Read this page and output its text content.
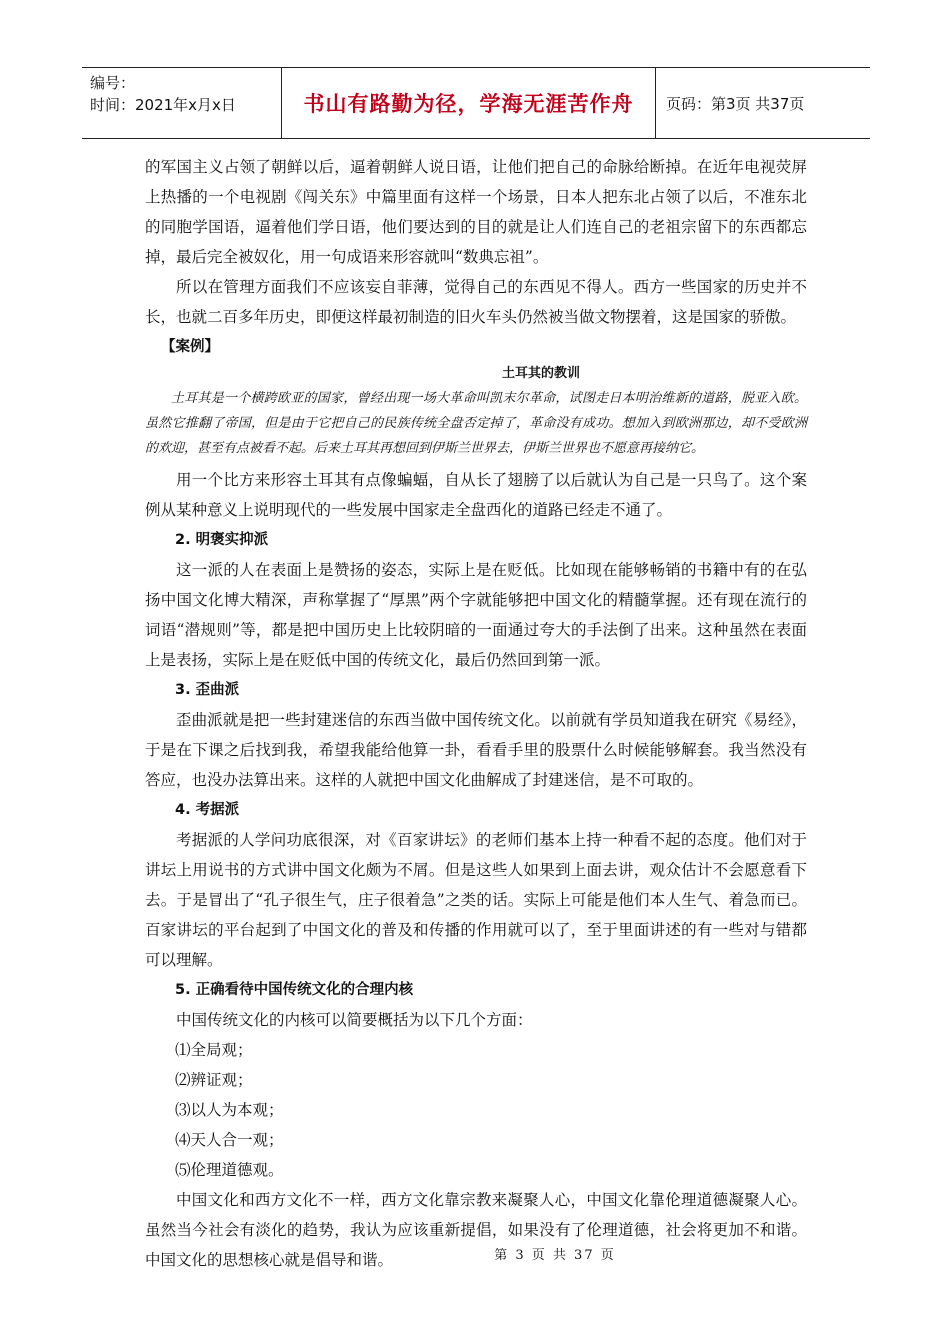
编号：
时间：2021年x月x日	书山有路勤为径，学海无涯苦作舟 页码：第3页 共37页

的军国主义占领了朝鲜以后，逼着朝鲜人说日语，让他们把自己的命脉给断掉。在近年电视荧屏上热播的一个电视剧《闯关东》中篇里面有这样一个场景，日本人把东北占领了以后，不准东北的同胞学国语，逼着他们学日语，他们要达到的目的就是让人们连自己的老祖宗留下的东西都忘掉，最后完全被奴化，用一句成语来形容就叫“数典忘祖”。

所以在管理方面我们不应该妄自菲薄，觉得自己的东西见不得人。西方一些国家的历史并不长，也就二百多年历史，即便这样最初制造的旧火车头仍然被当做文物摆着，这是国家的骄傲。

【案例】

土耳其的教训

土耳其是一个横跨欧亚的国家，曾经出现一场大革命叫凯末尔革命，试图走日本明治维新的道路，脱亚入欧。虽然它推翻了帝国，但是由于它把自己的民族传统全盘否定掉了，革命没有成功。想加入到欧洲那边，却不受欧洲的欢迎，甚至有点被看不起。后来土耳其再想回到伊斯兰世界去，伊斯兰世界也不愿意再接纳它。

用一个比方来形容土耳其有点像蝙蝠，自从长了翅膀了以后就认为自己是一只鸟了。这个案例从某种意义上说明现代的一些发展中国家走全盘西化的道路已经走不通了。

2. 明褒实抑派

这一派的人在表面上是赞扬的姿态，实际上是在贬低。比如现在能够畅销的书籍中有的在弘扬中国文化博大精深，声称掌握了“厚黑”两个字就能够把中国文化的精髓掌握。还有现在流行的词语“潜规则”等，都是把中国历史上比较阴暗的一面通过夸大的手法倒了出来。这种虽然在表面上是表扬，实际上是在贬低中国的传统文化，最后仍然回到第一派。

3. 歪曲派

歪曲派就是把一些封建迷信的东西当做中国传统文化。以前就有学员知道我在研究《易经》，于是在下课之后找到我，希望我能给他算一卦，看看手里的股票什么时候能够解套。我当然没有答应，也没办法算出来。这样的人就把中国文化曲解成了封建迷信，是不可取的。

4. 考据派

考据派的人学问功底很深，对《百家讲坛》的老师们基本上持一种看不起的态度。他们对于讲坛上用说书的方式讲中国文化颇为不屑。但是这些人如果到上面去讲，观众估计不会愿意看下去。于是冒出了“孔子很生气，庄子很着急”之类的话。实际上可能是他们本人生气、着急而已。百家讲坛的平台起到了中国文化的普及和传播的作用就可以了，至于里面讲述的有一些对与错都可以理解。

5. 正确看待中国传统文化的合理内核

中国传统文化的内核可以简要概括为以下几个方面：

⑴全局观；

⑵辨证观；

⑶以人为本观；

⑷天人合一观；

⑸伦理道德观。

中国文化和西方文化不一样，西方文化靠宗教来凝聚人心，中国文化靠伦理道德凝聚人心。虽然当今社会有淡化的趋势，我认为应该重新提倡，如果没有了伦理道德，社会将更加不和谐。中国文化的思想核心就是倡导和谐。	第 3 页 共 37 页
